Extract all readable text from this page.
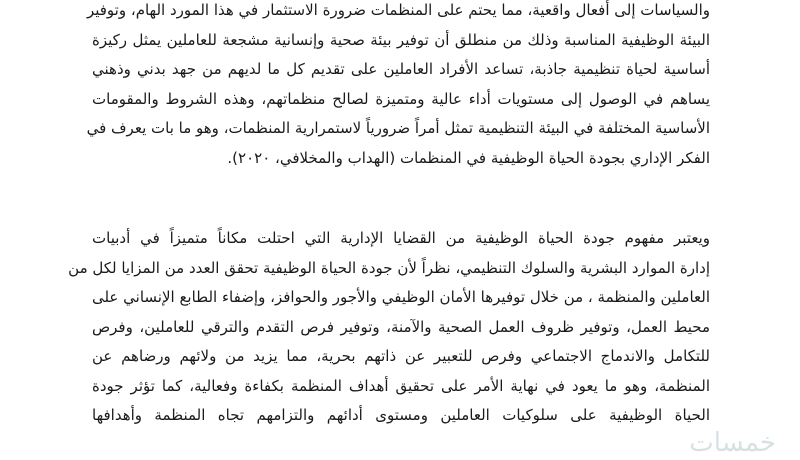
والسياسات إلى أفعال واقعية، مما يحتم على المنظمات ضرورة الاستثمار في هذا المورد الهام، وتوفير
البيئة الوظيفية المناسبة وذلك من منطلق أن توفير بيئة صحية وإنسانية مشجعة للعاملين يمثل ركيزة
أساسية لحياة تنظيمية جاذبة، تساعد الأفراد العاملين على تقديم كل ما لديهم من جهد بدني وذهني
يساهم في الوصول إلى مستويات أداء عالية ومتميزة لصالح منظماتهم، وهذه الشروط والمقومات
الأساسية المختلفة في البيئة التنظيمية تمثل أمراً ضرورياً لاستمرارية المنظمات، وهو ما بات يعرف في
الفكر الإداري بجودة الحياة الوظيفية في المنظمات (الهداب والمخلافي، ٢٠٢٠).
ويعتبر مفهوم جودة الحياة الوظيفية من القضايا الإدارية التي احتلت مكاناً متميزاً في أدبيات
إدارة الموارد البشرية والسلوك التنظيمي، نظراً لأن جودة الحياة الوظيفية تحقق العدد من المزايا لكل من
العاملين والمنظمة ، من خلال توفيرها الأمان الوظيفي والأجور والحوافز، وإضفاء الطابع الإنساني على
محيط العمل، وتوفير ظروف العمل الصحية والآمنة، وتوفير فرص التقدم والترقي للعاملين، وفرص
للتكامل والاندماج الاجتماعي وفرص للتعبير عن ذاتهم بحرية، مما يزيد من ولائهم ورضاهم عن
المنظمة، وهو ما يعود في نهاية الأمر على تحقيق أهداف المنظمة بكفاءة وفعالية، كما تؤثر جودة
الحياة الوظيفية على سلوكيات العاملين ومستوى أدائهم والتزامهم تجاه المنظمة وأهدافها
خمسات
